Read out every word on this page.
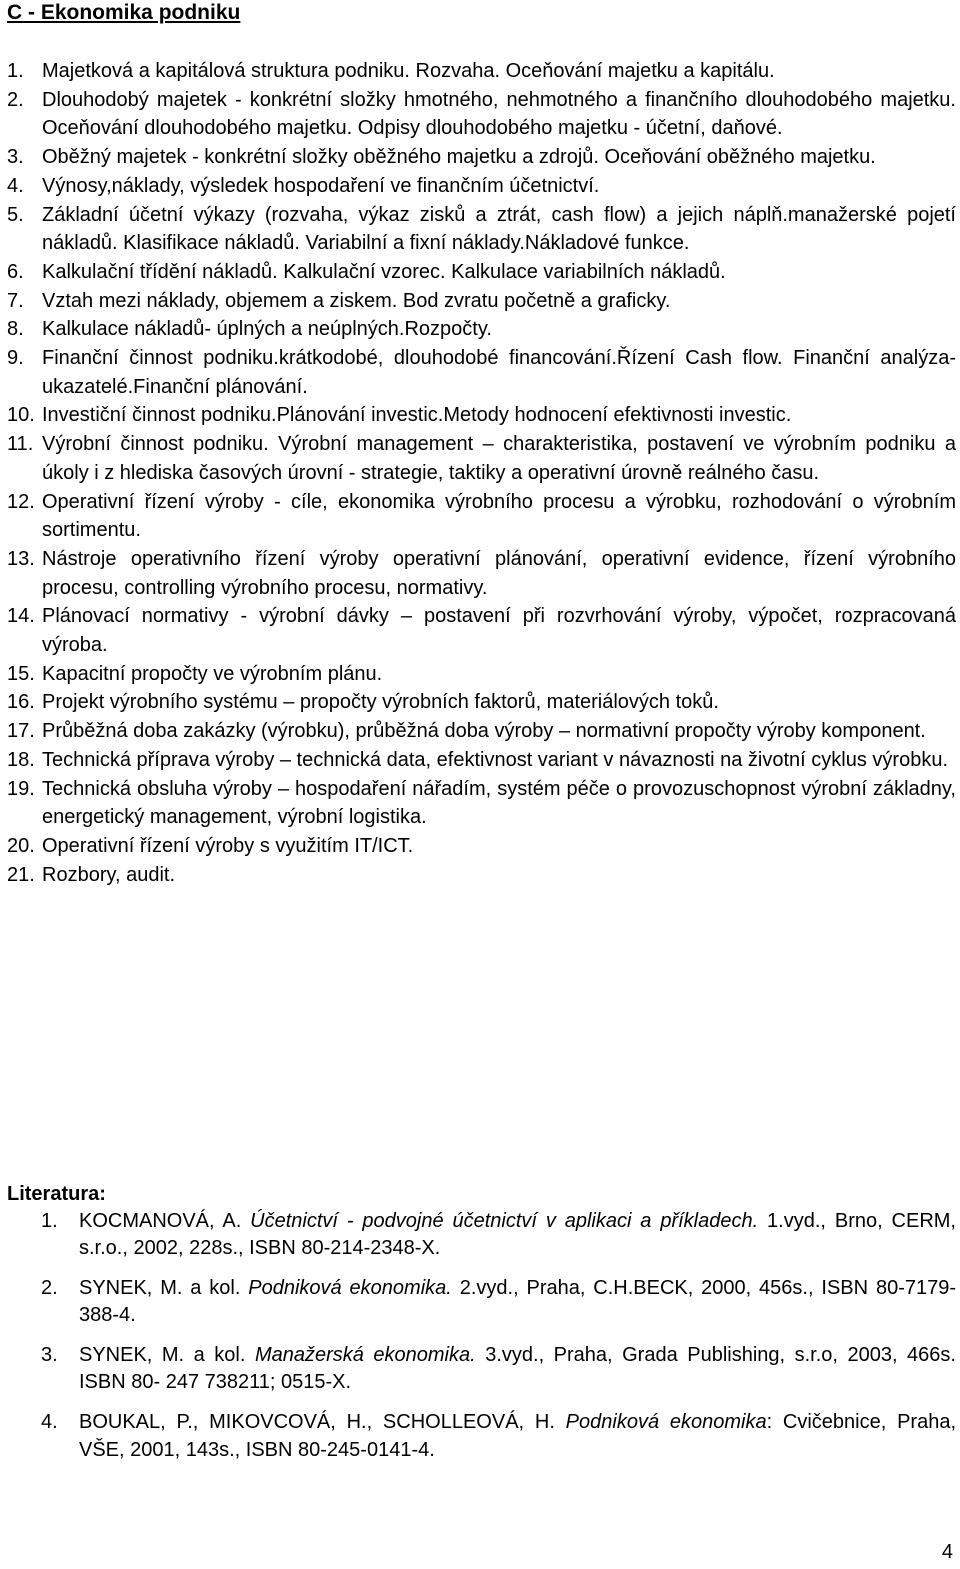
C - Ekonomika podniku
1. Majetková a kapitálová struktura podniku. Rozvaha. Oceňování majetku a kapitálu.
2. Dlouhodobý majetek - konkrétní složky hmotného, nehmotného a finančního dlouhodobého majetku. Oceňování dlouhodobého majetku. Odpisy dlouhodobého majetku - účetní, daňové.
3. Oběžný majetek - konkrétní složky oběžného majetku a zdrojů. Oceňování oběžného majetku.
4. Výnosy,náklady, výsledek hospodaření ve finančním účetnictví.
5. Základní účetní výkazy (rozvaha, výkaz zisků a ztrát, cash flow) a jejich náplň.manažerské pojetí nákladů. Klasifikace nákladů. Variabilní a fixní náklady.Nákladové funkce.
6. Kalkulační třídění nákladů. Kalkulační vzorec. Kalkulace variabilních nákladů.
7. Vztah mezi náklady, objemem a ziskem. Bod zvratu početně a graficky.
8. Kalkulace nákladů- úplných a neúplných.Rozpočty.
9. Finanční činnost podniku.krátkodobé, dlouhodobé financování.Řízení Cash flow. Finanční analýza-ukazatelé.Finanční plánování.
10. Investiční činnost podniku.Plánování investic.Metody hodnocení efektivnosti investic.
11. Výrobní činnost podniku. Výrobní management – charakteristika, postavení ve výrobním podniku a úkoly i z hlediska časových úrovní - strategie, taktiky a operativní úrovně reálného času.
12. Operativní řízení výroby - cíle, ekonomika výrobního procesu a výrobku, rozhodování o výrobním sortimentu.
13. Nástroje operativního řízení výroby operativní plánování, operativní evidence, řízení výrobního procesu, controlling výrobního procesu, normativy.
14. Plánovací normativy - výrobní dávky – postavení při rozvrhování výroby, výpočet, rozpracovaná výroba.
15. Kapacitní propočty ve výrobním plánu.
16. Projekt výrobního systému – propočty výrobních faktorů, materiálových toků.
17. Průběžná doba zakázky (výrobku), průběžná doba výroby – normativní propočty výroby komponent.
18. Technická příprava výroby – technická data, efektivnost variant v návaznosti na životní cyklus výrobku.
19. Technická obsluha výroby – hospodaření nářadím, systém péče o provozuschopnost výrobní základny, energetický management, výrobní logistika.
20. Operativní řízení výroby s využitím IT/ICT.
21. Rozbory, audit.
Literatura:
1. KOCMANOVÁ, A. Účetnictví - podvojné účetnictví v aplikaci a příkladech. 1.vyd., Brno, CERM, s.r.o., 2002, 228s., ISBN 80-214-2348-X.
2. SYNEK, M. a kol. Podniková ekonomika. 2.vyd., Praha, C.H.BECK, 2000, 456s., ISBN 80-7179-388-4.
3. SYNEK, M. a kol. Manažerská ekonomika. 3.vyd., Praha, Grada Publishing, s.r.o, 2003, 466s. ISBN 80- 247 738211; 0515-X.
4. BOUKAL, P., MIKOVCOVÁ, H., SCHOLLEOVÁ, H. Podniková ekonomika: Cvičebnice, Praha, VŠE, 2001, 143s., ISBN 80-245-0141-4.
4
